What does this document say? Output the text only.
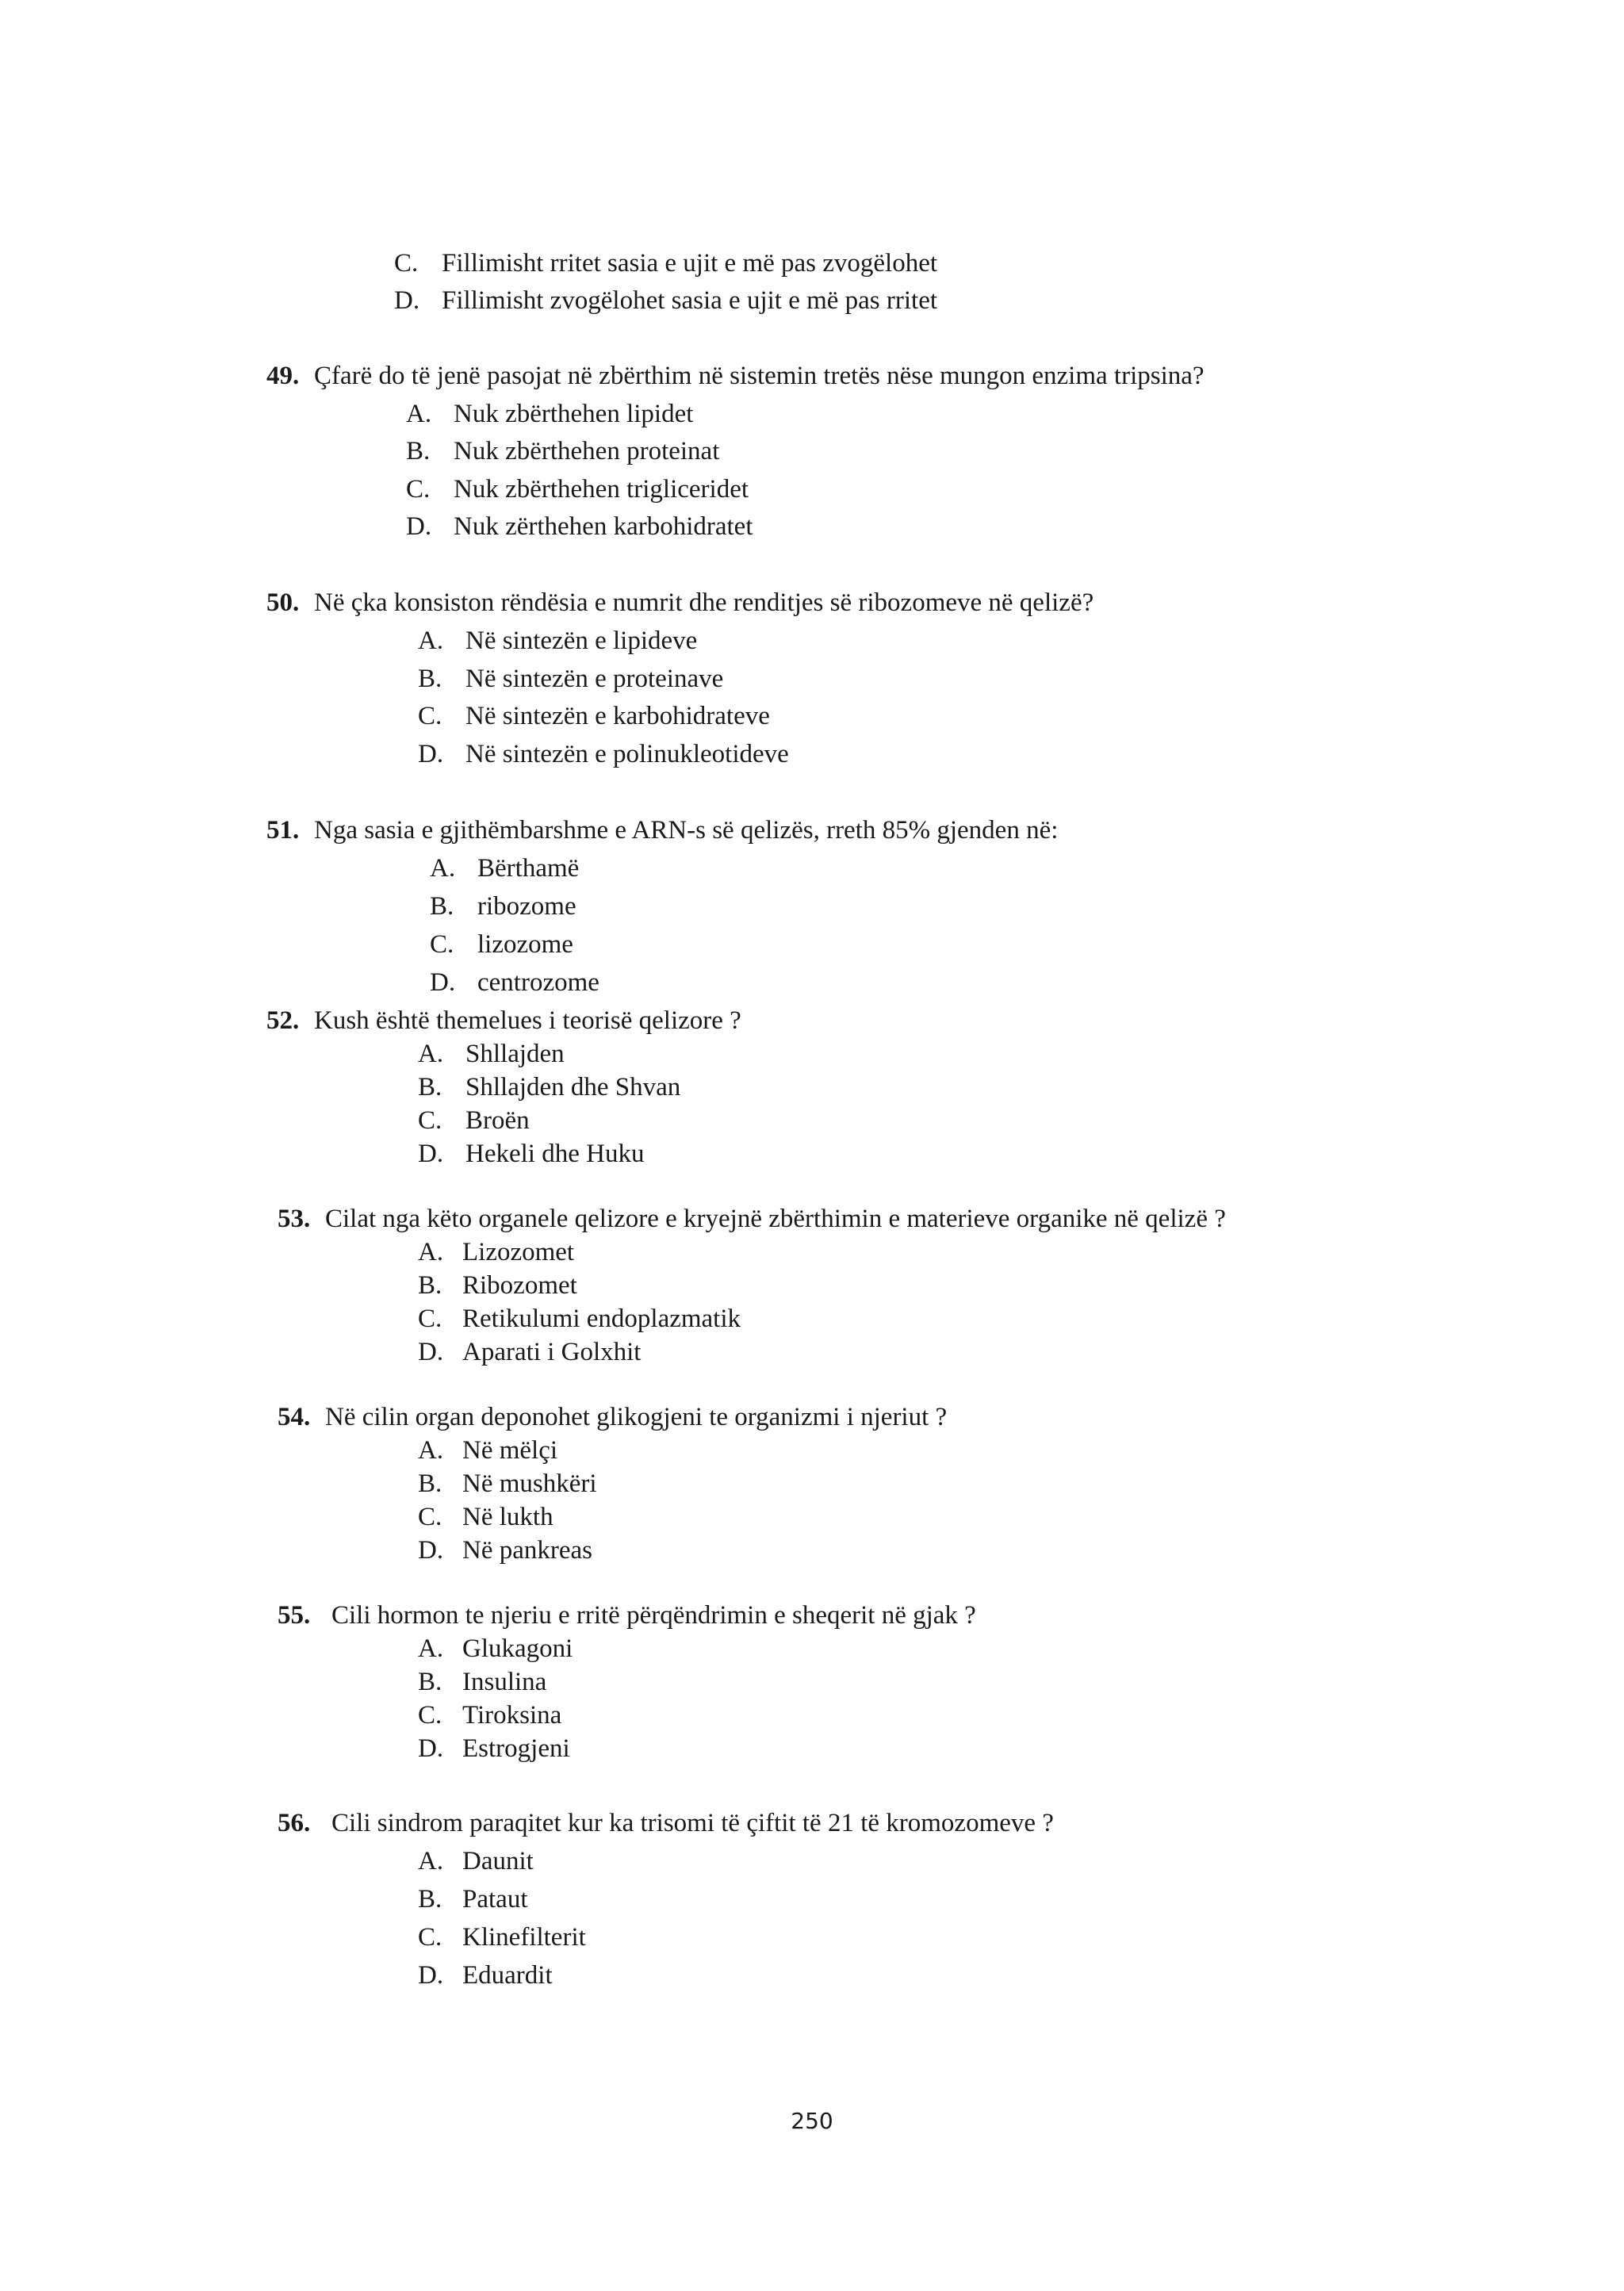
C. Fillimisht rritet sasia e ujit e më pas zvogëlohet
D. Fillimisht zvogëlohet sasia e ujit e më pas rritet
49. Çfarë do të jenë pasojat në zbërthim në sistemin tretës nëse mungon enzima tripsina?
A. Nuk zbërthehen lipidet
B. Nuk zbërthehen proteinat
C. Nuk zbërthehen trigliceridet
D. Nuk zërthehen karbohidratet
50. Në çka konsiston rëndësia e numrit dhe renditjes së ribozomeve në qelizë?
A. Në sintezën e lipideve
B. Në sintezën e proteinave
C. Në sintezën e karbohidrateve
D. Në sintezën e polinukleotideve
51. Nga sasia e gjithëmbarshme e ARN-s së qelizës, rreth 85% gjenden në:
A. Bërthamë
B. ribozome
C. lizozome
D. centrozome
52. Kush është themelues i teorisë qelizore ?
A. Shllajden
B. Shllajden dhe Shvan
C. Broën
D. Hekeli dhe Huku
53. Cilat nga këto organele qelizore e kryejnë zbërthimin e materieve organike në qelizë ?
A. Lizozomet
B. Ribozomet
C. Retikulumi endoplazmatik
D. Aparati i Golxhit
54. Në cilin organ deponohet glikogjeni te organizmi i njeriut ?
A. Në mëlçi
B. Në mushkëri
C. Në lukth
D. Në pankreas
55. Cili hormon te njeriu e rritë përqëndrimin e sheqerit në gjak ?
A. Glukagoni
B. Insulina
C. Tiroksina
D. Estrogjeni
56. Cili sindrom paraqitet kur ka trisomi të çiftit të 21 të kromozomeve ?
A. Daunit
B. Pataut
C. Klinefilterit
D. Eduardit
250
